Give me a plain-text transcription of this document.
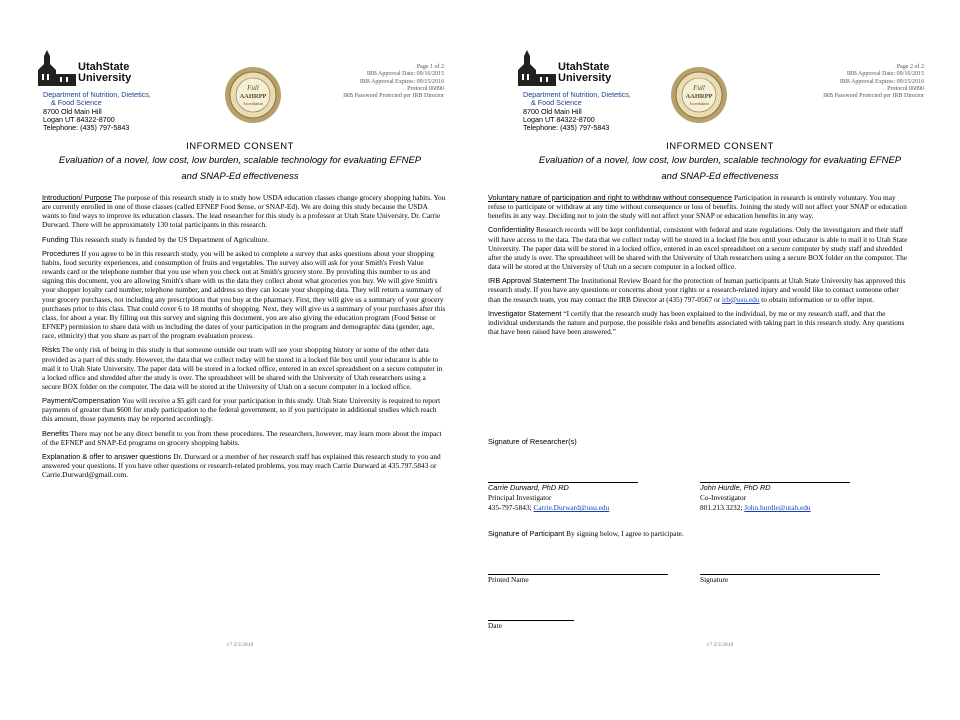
UtahState
University
Department of Nutrition, Dietetics,
& Food Science
8700 Old Main Hill
Logan UT 84322-8700
Telephone: (435) 797-5843
Full
AAHRPP
Accreditation
Page 1 of 2
IRB Approval Date: 09/16/2015
IRB Approval Expires: 09/15/2016
Protocol 06890
IRB Password Protected per IRB Director
INFORMED CONSENT
Evaluation of a novel, low cost, low burden, scalable technology for evaluating EFNEP
and SNAP-Ed effectiveness

Introduction/ Purpose The purpose of this research study is to study how USDA education classes change grocery shopping habits. You are currently enrolled in one of those classes (called EFNEP Food $ense, or SNAP-Ed). We are doing this study because the USDA wants to find ways to improve its education classes. The lead researcher for this study is a professor at Utah State University, Dr. Carrie Durward. There will be approximately 130 total participants in this research.

Funding This research study is funded by the US Department of Agriculture.

Procedures If you agree to be in this research study, you will be asked to complete a survey that asks questions about your shopping habits, food security experiences, and consumption of fruits and vegetables. The survey also will ask for your Smith's Fresh Value rewards card or the telephone number that you use when you check out at Smith's grocery store. By providing this number to us and signing this document, you are allowing Smith's share with us the data they collect about what groceries you buy. We will give Smith's your shopper loyalty card number, telephone number, and address so they can locate your shopping data. They will return a summary of your grocery purchases, not including any prescriptions that you buy at the pharmacy. First, they will give us a summary of your grocery purchases prior to this class. That could cover 6 to 18 months of shopping. Next, they will give us a summary of your purchases after this class, for about a year. By filling out this survey and signing this document, you are also giving the education program (Food $ense or EFNEP) permission to share data with us including the dates of your participation in the program and demographic data (gender, age, race, ethnicity) that you share as part of the program evaluation process.

Risks The only risk of being in this study is that someone outside our team will see your shopping history or some of the other data provided as a part of this study. However, the data that we collect today will be stored in a locked file box until your educator is able to mail it to Utah State University. The paper data will be stored in a locked office, entered in an excel spreadsheet on a secure computer in a locked office and shredded after the study is over. The spreadsheet will be shared with the University of Utah researchers using a secure BOX folder on the computer. The data will be stored at the University of Utah on a secure computer in a locked office.

Payment/Compensation You will receive a $5 gift card for your participation in this study. Utah State University is required to report payments of greater than $600 for study participation to the federal government, so if you participate in additional studies which reach this amount, those payments may be reported accordingly.

Benefits There may not be any direct benefit to you from these procedures. The researchers, however, may learn more about the impact of the EFNEP and SNAP-Ed programs on grocery shopping habits.

Explanation & offer to answer questions Dr. Durward or a member of her research staff has explained this research study to you and answered your questions. If you have other questions or research-related problems, you may reach Carrie Durward at 435.797.5843 or Carrie.Durward@gmail.com.

v7 2/3/2010
UtahState
University
Department of Nutrition, Dietetics,
& Food Science
8700 Old Main Hill
Logan UT 84322-8700
Telephone: (435) 797-5843
Full
AAHRPP
Accreditation
Page 2 of 2
IRB Approval Date: 09/16/2015
IRB Approval Expires: 09/15/2016
Protocol 06890
IRB Password Protected per IRB Director
INFORMED CONSENT
Evaluation of a novel, low cost, low burden, scalable technology for evaluating EFNEP
and SNAP-Ed effectiveness

Voluntary nature of participation and right to withdraw without consequence Participation in research is entirely voluntary. You may refuse to participate or withdraw at any time without consequence or loss of benefits. Joining the study will not affect your SNAP or education benefits in any way. Deciding not to join the study will not affect your SNAP or education benefits in any way.

Confidentiality Research records will be kept confidential, consistent with federal and state regulations. Only the investigators and their staff will have access to the data. The data that we collect today will be stored in a locked file box until your educator is able to mail it to Utah State University. The paper data will be stored in a locked office, entered in an excel spreadsheet on a secure computer by study staff and shredded after the study is over. The spreadsheet will be shared with the University of Utah researchers using a secure BOX folder on the computer. The data will be stored at the University of Utah on a secure computer in a locked office.

IRB Approval Statement The Institutional Review Board for the protection of human participants at Utah State University has approved this research study. If you have any questions or concerns about your rights or a research-related injury and would like to contact someone other than the research team, you may contact the IRB Director at (435) 797-0567 or irb@usu.edu to obtain information or to offer input.

Investigator Statement “I certify that the research study has been explained to the individual, by me or my research staff, and that the individual understands the nature and purpose, the possible risks and benefits associated with taking part in this research study. Any questions that have been raised have been answered.”

Signature of Researcher(s)
Carrie Durward, PhD RD
Principal Investigator
435-797-5843; Carrie.Durward@usu.edu
John Hurdle, PhD RD
Co-Investigator
801.213.3232; John.hurdle@utah.edu
Signature of Participant By signing below, I agree to participate.
Printed Name	Signature
Date
v7 2/3/2010
